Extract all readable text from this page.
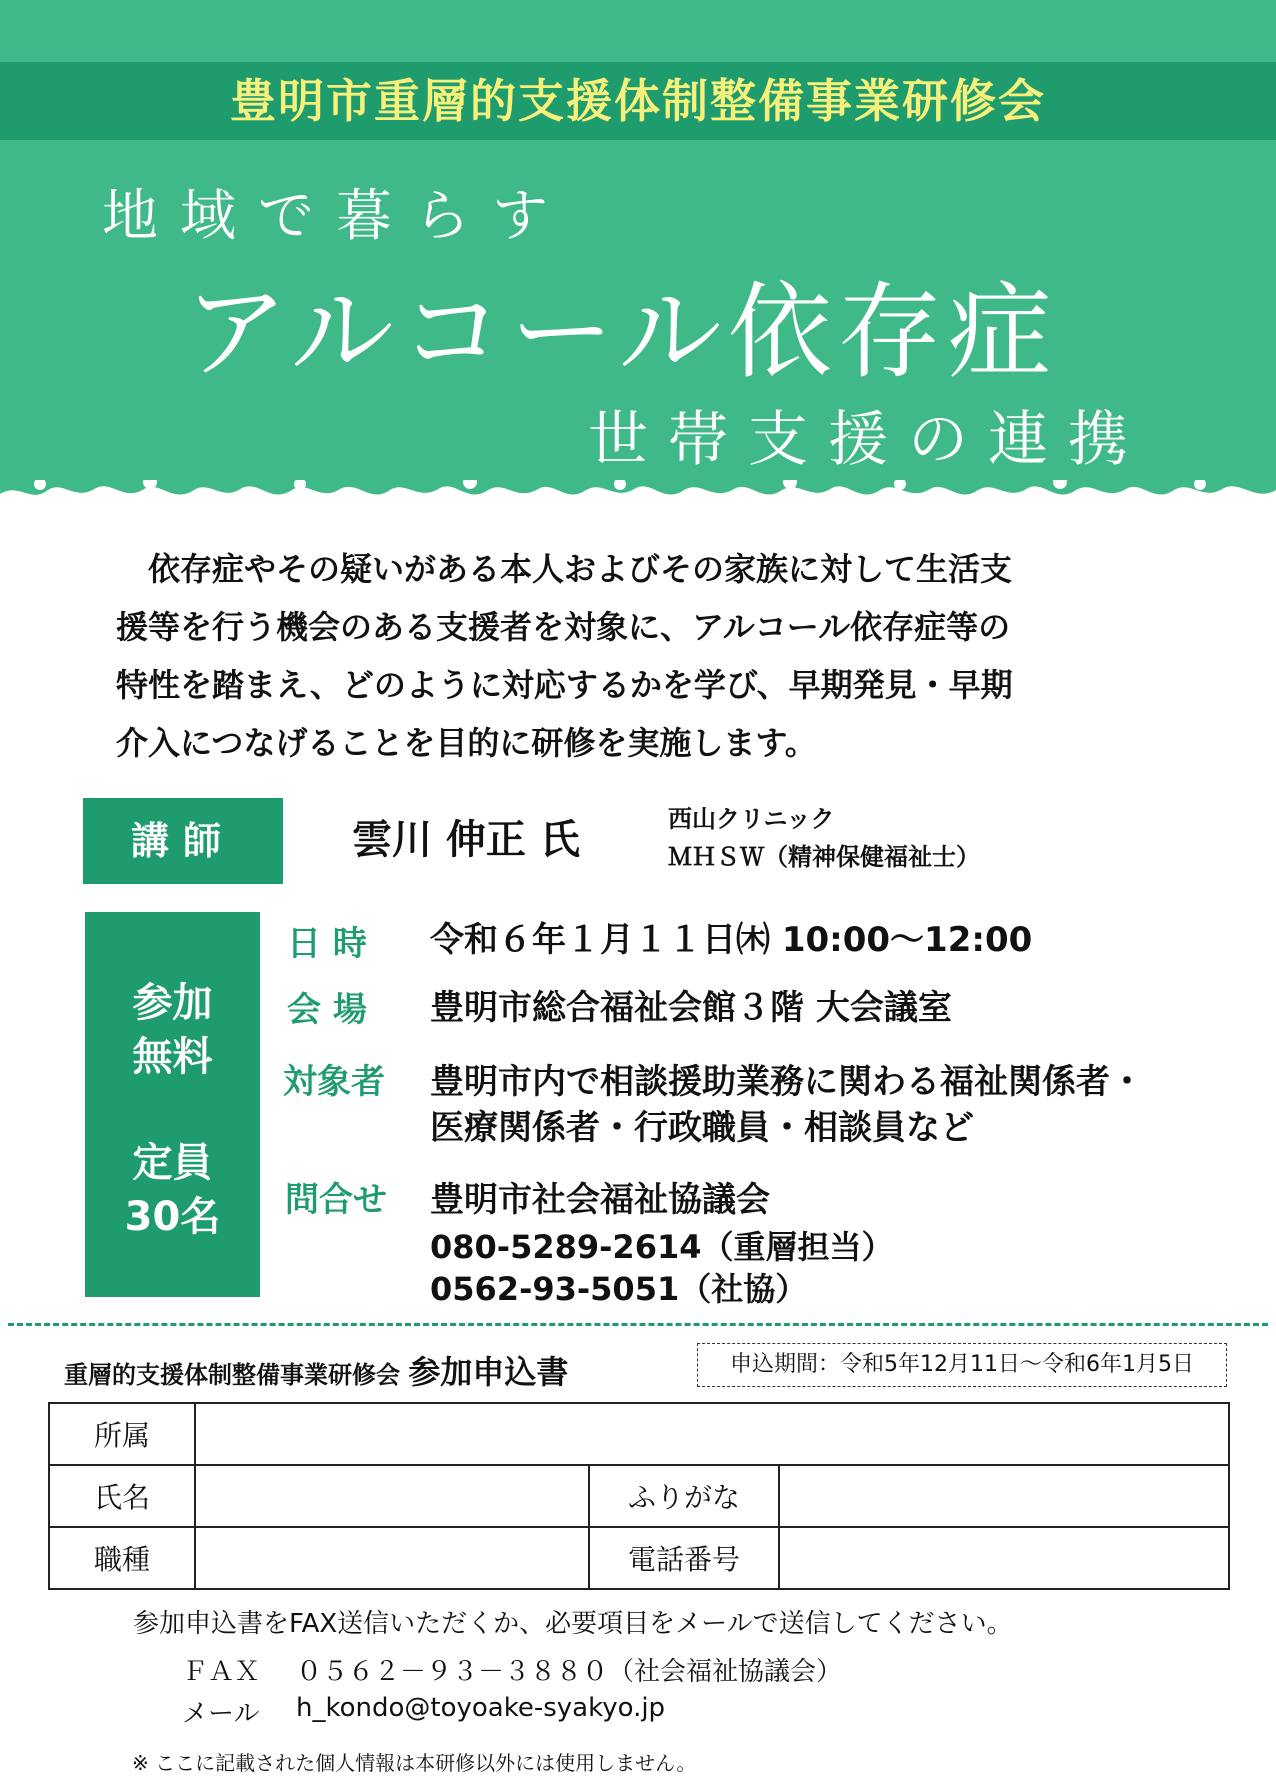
豊明市重層的支援体制整備事業研修会
地域で暮らす
アルコール依存症
世帯支援の連携

　依存症やその疑いがある本人およびその家族に対して生活支

援等を行う機会のある支援者を対象に、アルコール依存症等の

特性を踏まえ、どのように対応するかを学び、早期発見・早期

介入につなげることを目的に研修を実施します。

講師	雲川 伸正 氏	西山クリニック
ＭＨＳＷ（精神保健福祉士）
参加
無料
定員
30名
日 時 令和６年１月１１日㈭ 10:00～12:00
会 場 豊明市総合福祉会館３階 大会議室
対象者 豊明市内で相談援助業務に関わる福祉関係者・
医療関係者・行政職員・相談員など
問合せ 豊明市社会福祉協議会
080-5289-2614（重層担当）
0562-93-5051（社協）
重層的支援体制整備事業研修会 参加申込書	申込期間：令和5年12月11日～令和6年1月5日
所属			
氏名		ふりがな	
職種		電話番号	
参加申込書をFAX送信いただくか、必要項目をメールで送信してください。
ＦＡＸ ０５６２－９３－３８８０（社会福祉協議会）
メール h_kondo@toyoake-syakyo.jp
※ ここに記載された個人情報は本研修以外には使用しません。
